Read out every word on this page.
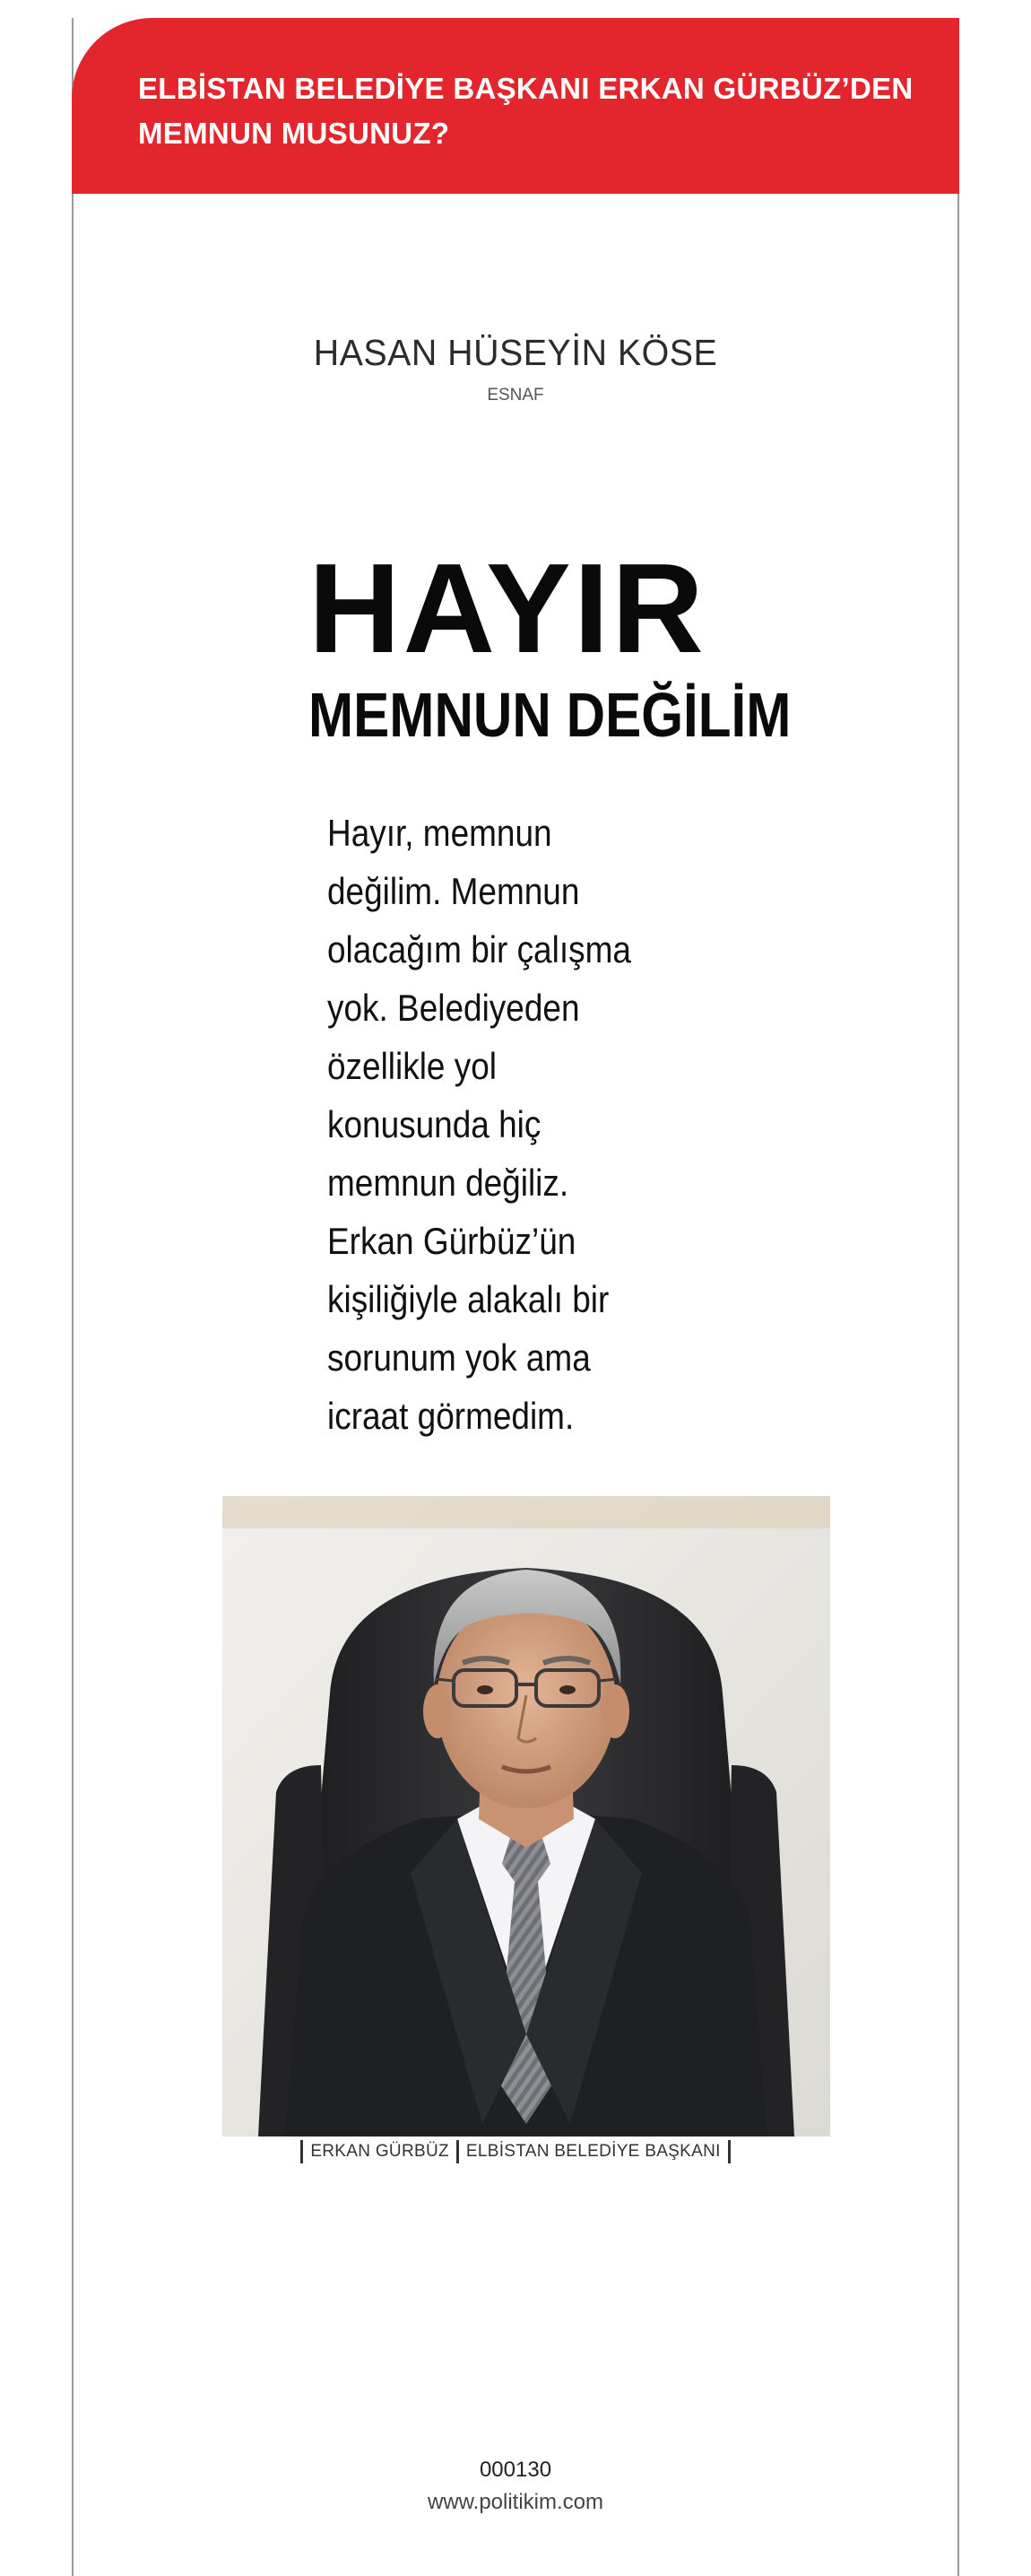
ELBİSTAN BELEDİYE BAŞKANI ERKAN GÜRBÜZ’DEN
MEMNUN MUSUNUZ?

HASAN HÜSEYİN KÖSE

ESNAF

HAYIR
MEMNUN DEĞİLİM

Hayır, memnun
değilim. Memnun
olacağım bir çalışma
yok. Belediyeden
özellikle yol
konusunda hiç
memnun değiliz.
Erkan Gürbüz’ün
kişiliğiyle alakalı bir
sorunum yok ama
icraat görmedim.

ERKAN GÜRBÜZ ELBİSTAN BELEDİYE BAŞKANI

000130

www.politikim.com
